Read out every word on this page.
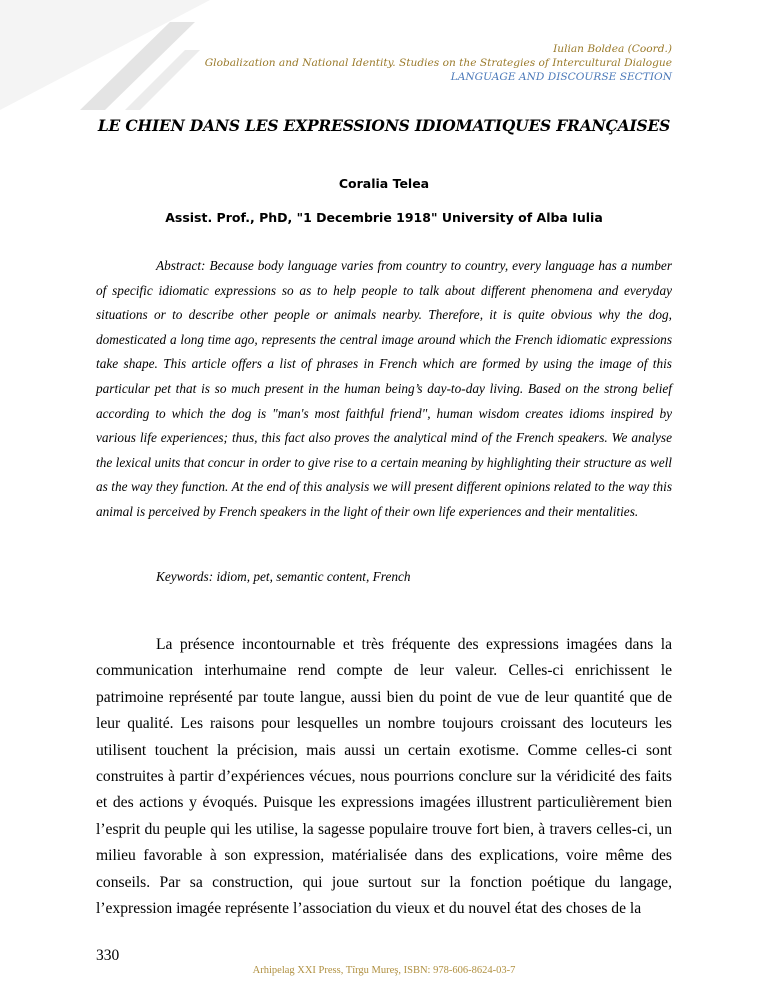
Iulian Boldea (Coord.)
Globalization and National Identity. Studies on the Strategies of Intercultural Dialogue
LANGUAGE AND DISCOURSE SECTION
LE CHIEN DANS LES EXPRESSIONS IDIOMATIQUES FRANÇAISES
Coralia Telea
Assist. Prof., PhD, "1 Decembrie 1918" University of Alba Iulia

Abstract: Because body language varies from country to country, every language has a number of specific idiomatic expressions so as to help people to talk about different phenomena and everyday situations or to describe other people or animals nearby. Therefore, it is quite obvious why the dog, domesticated a long time ago, represents the central image around which the French idiomatic expressions take shape. This article offers a list of phrases in French which are formed by using the image of this particular pet that is so much present in the human being’s day-to-day living. Based on the strong belief according to which the dog is "man's most faithful friend", human wisdom creates idioms inspired by various life experiences; thus, this fact also proves the analytical mind of the French speakers. We analyse the lexical units that concur in order to give rise to a certain meaning by highlighting their structure as well as the way they function. At the end of this analysis we will present different opinions related to the way this animal is perceived by French speakers in the light of their own life experiences and their mentalities.

Keywords: idiom, pet, semantic content, French

La présence incontournable et très fréquente des expressions imagées dans la communication interhumaine rend compte de leur valeur. Celles-ci enrichissent le patrimoine représenté par toute langue, aussi bien du point de vue de leur quantité que de leur qualité. Les raisons pour lesquelles un nombre toujours croissant des locuteurs les utilisent touchent la précision, mais aussi un certain exotisme. Comme celles-ci sont construites à partir d’expériences vécues, nous pourrions conclure sur la véridicité des faits et des actions y évoqués. Puisque les expressions imagées illustrent particulièrement bien l’esprit du peuple qui les utilise, la sagesse populaire trouve fort bien, à travers celles-ci, un milieu favorable à son expression, matérialisée dans des explications, voire même des conseils. Par sa construction, qui joue surtout sur la fonction poétique du langage, l’expression imagée représente l’association du vieux et du nouvel état des choses de la

330
Arhipelag XXI Press, Tîrgu Mureş, ISBN: 978-606-8624-03-7
